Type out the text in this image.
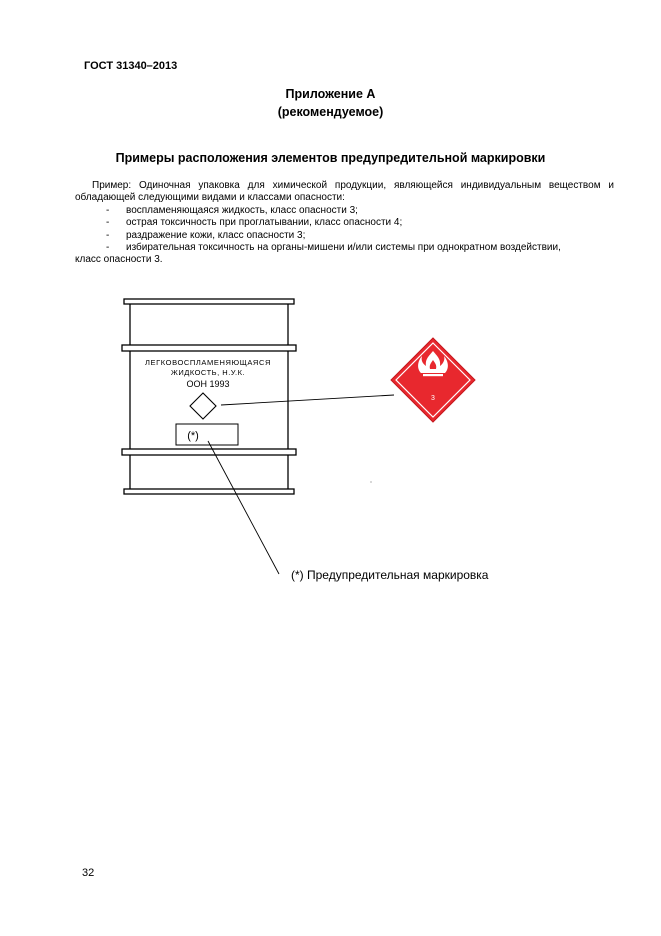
ГОСТ 31340–2013
Приложение А
(рекомендуемое)
Примеры расположения элементов предупредительной маркировки

Пример: Одиночная упаковка для химической продукции, являющейся индивидуальным веществом и обладающей следующими видами и классами опасности:

- воспламеняющаяся жидкость, класс опасности 3;
- острая токсичность при проглатывании, класс опасности 4;
- раздражение кожи, класс опасности 3;
- избирательная токсичность на органы-мишени и/или системы при однократном воздействии,

класс опасности 3.

ЛЕГКОВОСПЛАМЕНЯЮЩАЯСЯ
ЖИДКОСТЬ, Н.У.К.
ООН 1993
(*)
3
(*) Предупредительная маркировка
32
